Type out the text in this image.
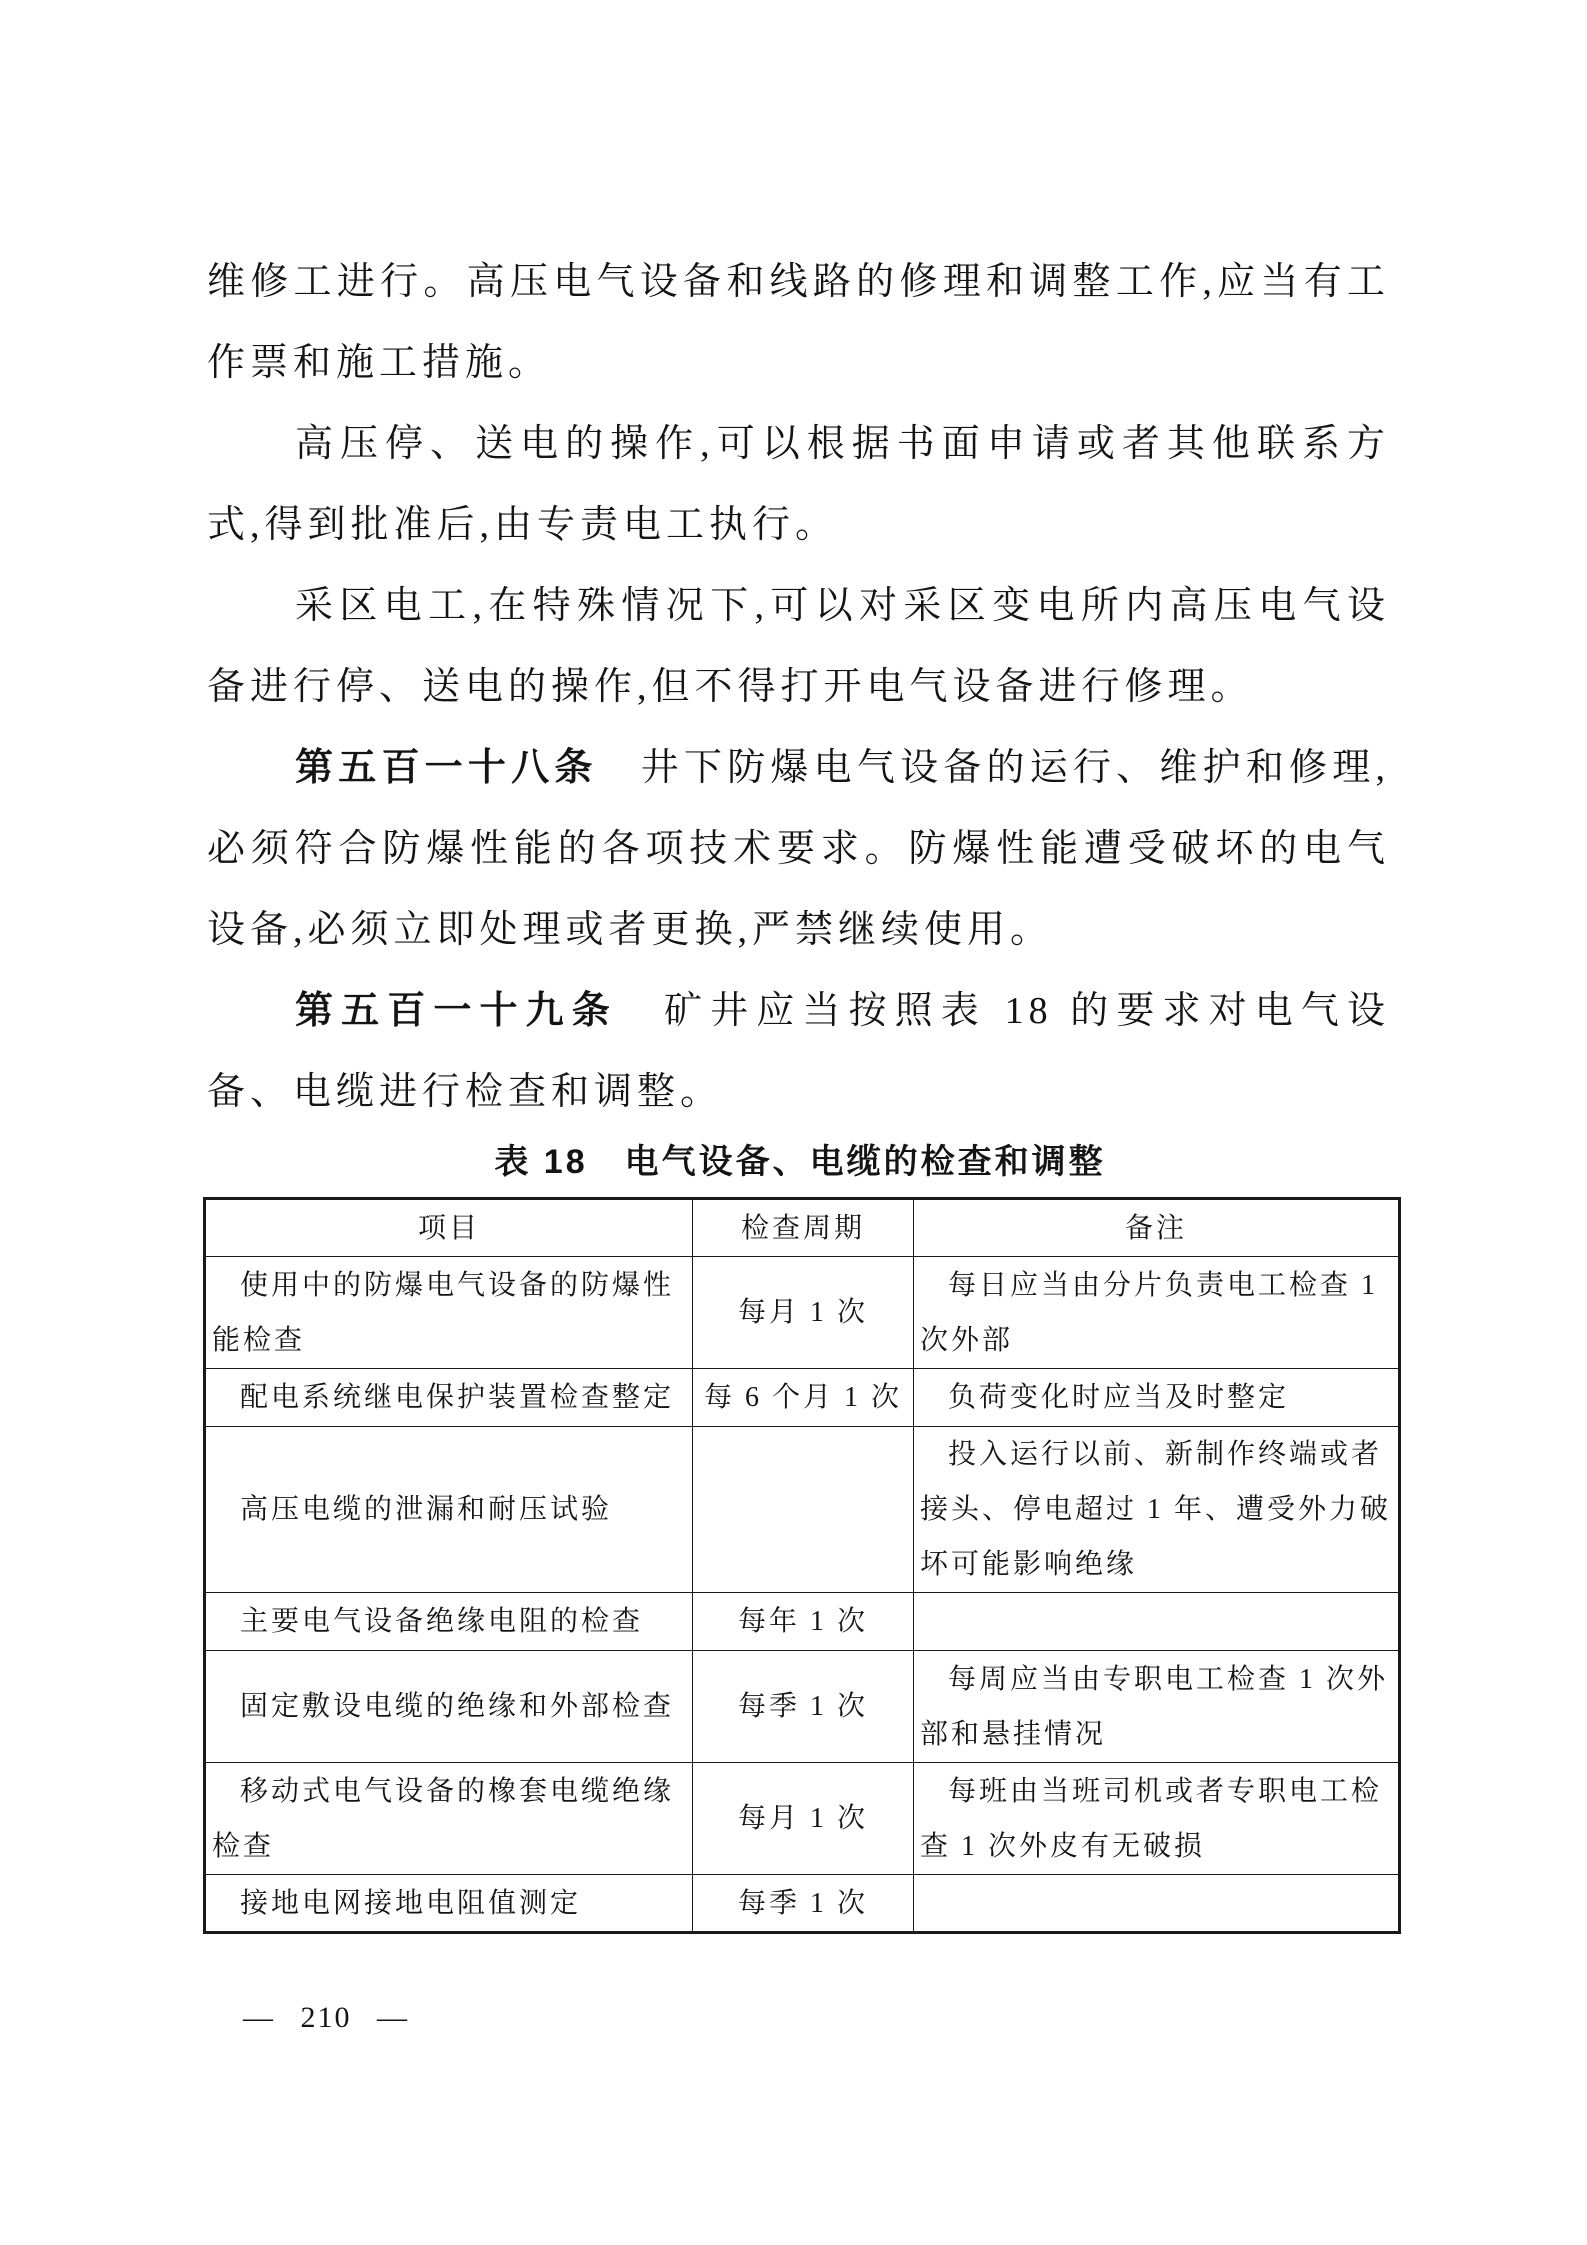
维修工进行。高压电气设备和线路的修理和调整工作,应当有工作票和施工措施。

高压停、送电的操作,可以根据书面申请或者其他联系方式,得到批准后,由专责电工执行。

采区电工,在特殊情况下,可以对采区变电所内高压电气设备进行停、送电的操作,但不得打开电气设备进行修理。

第五百一十八条　井下防爆电气设备的运行、维护和修理,必须符合防爆性能的各项技术要求。防爆性能遭受破坏的电气设备,必须立即处理或者更换,严禁继续使用。

第五百一十九条　矿井应当按照表 18 的要求对电气设备、电缆进行检查和调整。

表 18　电气设备、电缆的检查和调整
项目	检查周期	备注
使用中的防爆电气设备的防爆性能检查	每月 1 次	每日应当由分片负责电工检查 1 次外部
配电系统继电保护装置检查整定	每 6 个月 1 次	负荷变化时应当及时整定
高压电缆的泄漏和耐压试验		投入运行以前、新制作终端或者接头、停电超过 1 年、遭受外力破坏可能影响绝缘
主要电气设备绝缘电阻的检查	每年 1 次	
固定敷设电缆的绝缘和外部检查	每季 1 次	每周应当由专职电工检查 1 次外部和悬挂情况
移动式电气设备的橡套电缆绝缘检查	每月 1 次	每班由当班司机或者专职电工检查 1 次外皮有无破损
接地电网接地电阻值测定	每季 1 次	
— 210 —
